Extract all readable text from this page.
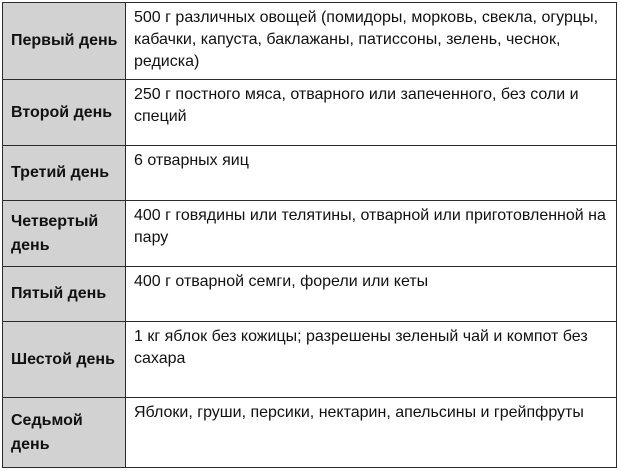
Первый день	500 г различных овощей (помидоры, морковь, свекла, огурцы, кабачки, капуста, баклажаны, патиссоны, зелень, чеснок, редиска)

Второй день	250 г постного мяса, отварного или запеченного, без соли и специй

Третий день	6 отварных яиц

Четвертый день	400 г говядины или телятины, отварной или приготовленной на пару

Пятый день	400 г отварной семги, форели или кеты

Шестой день	1 кг яблок без кожицы; разрешены зеленый чай и компот без сахара

Седьмой день	Яблоки, груши, персики, нектарин, апельсины и грейпфруты
